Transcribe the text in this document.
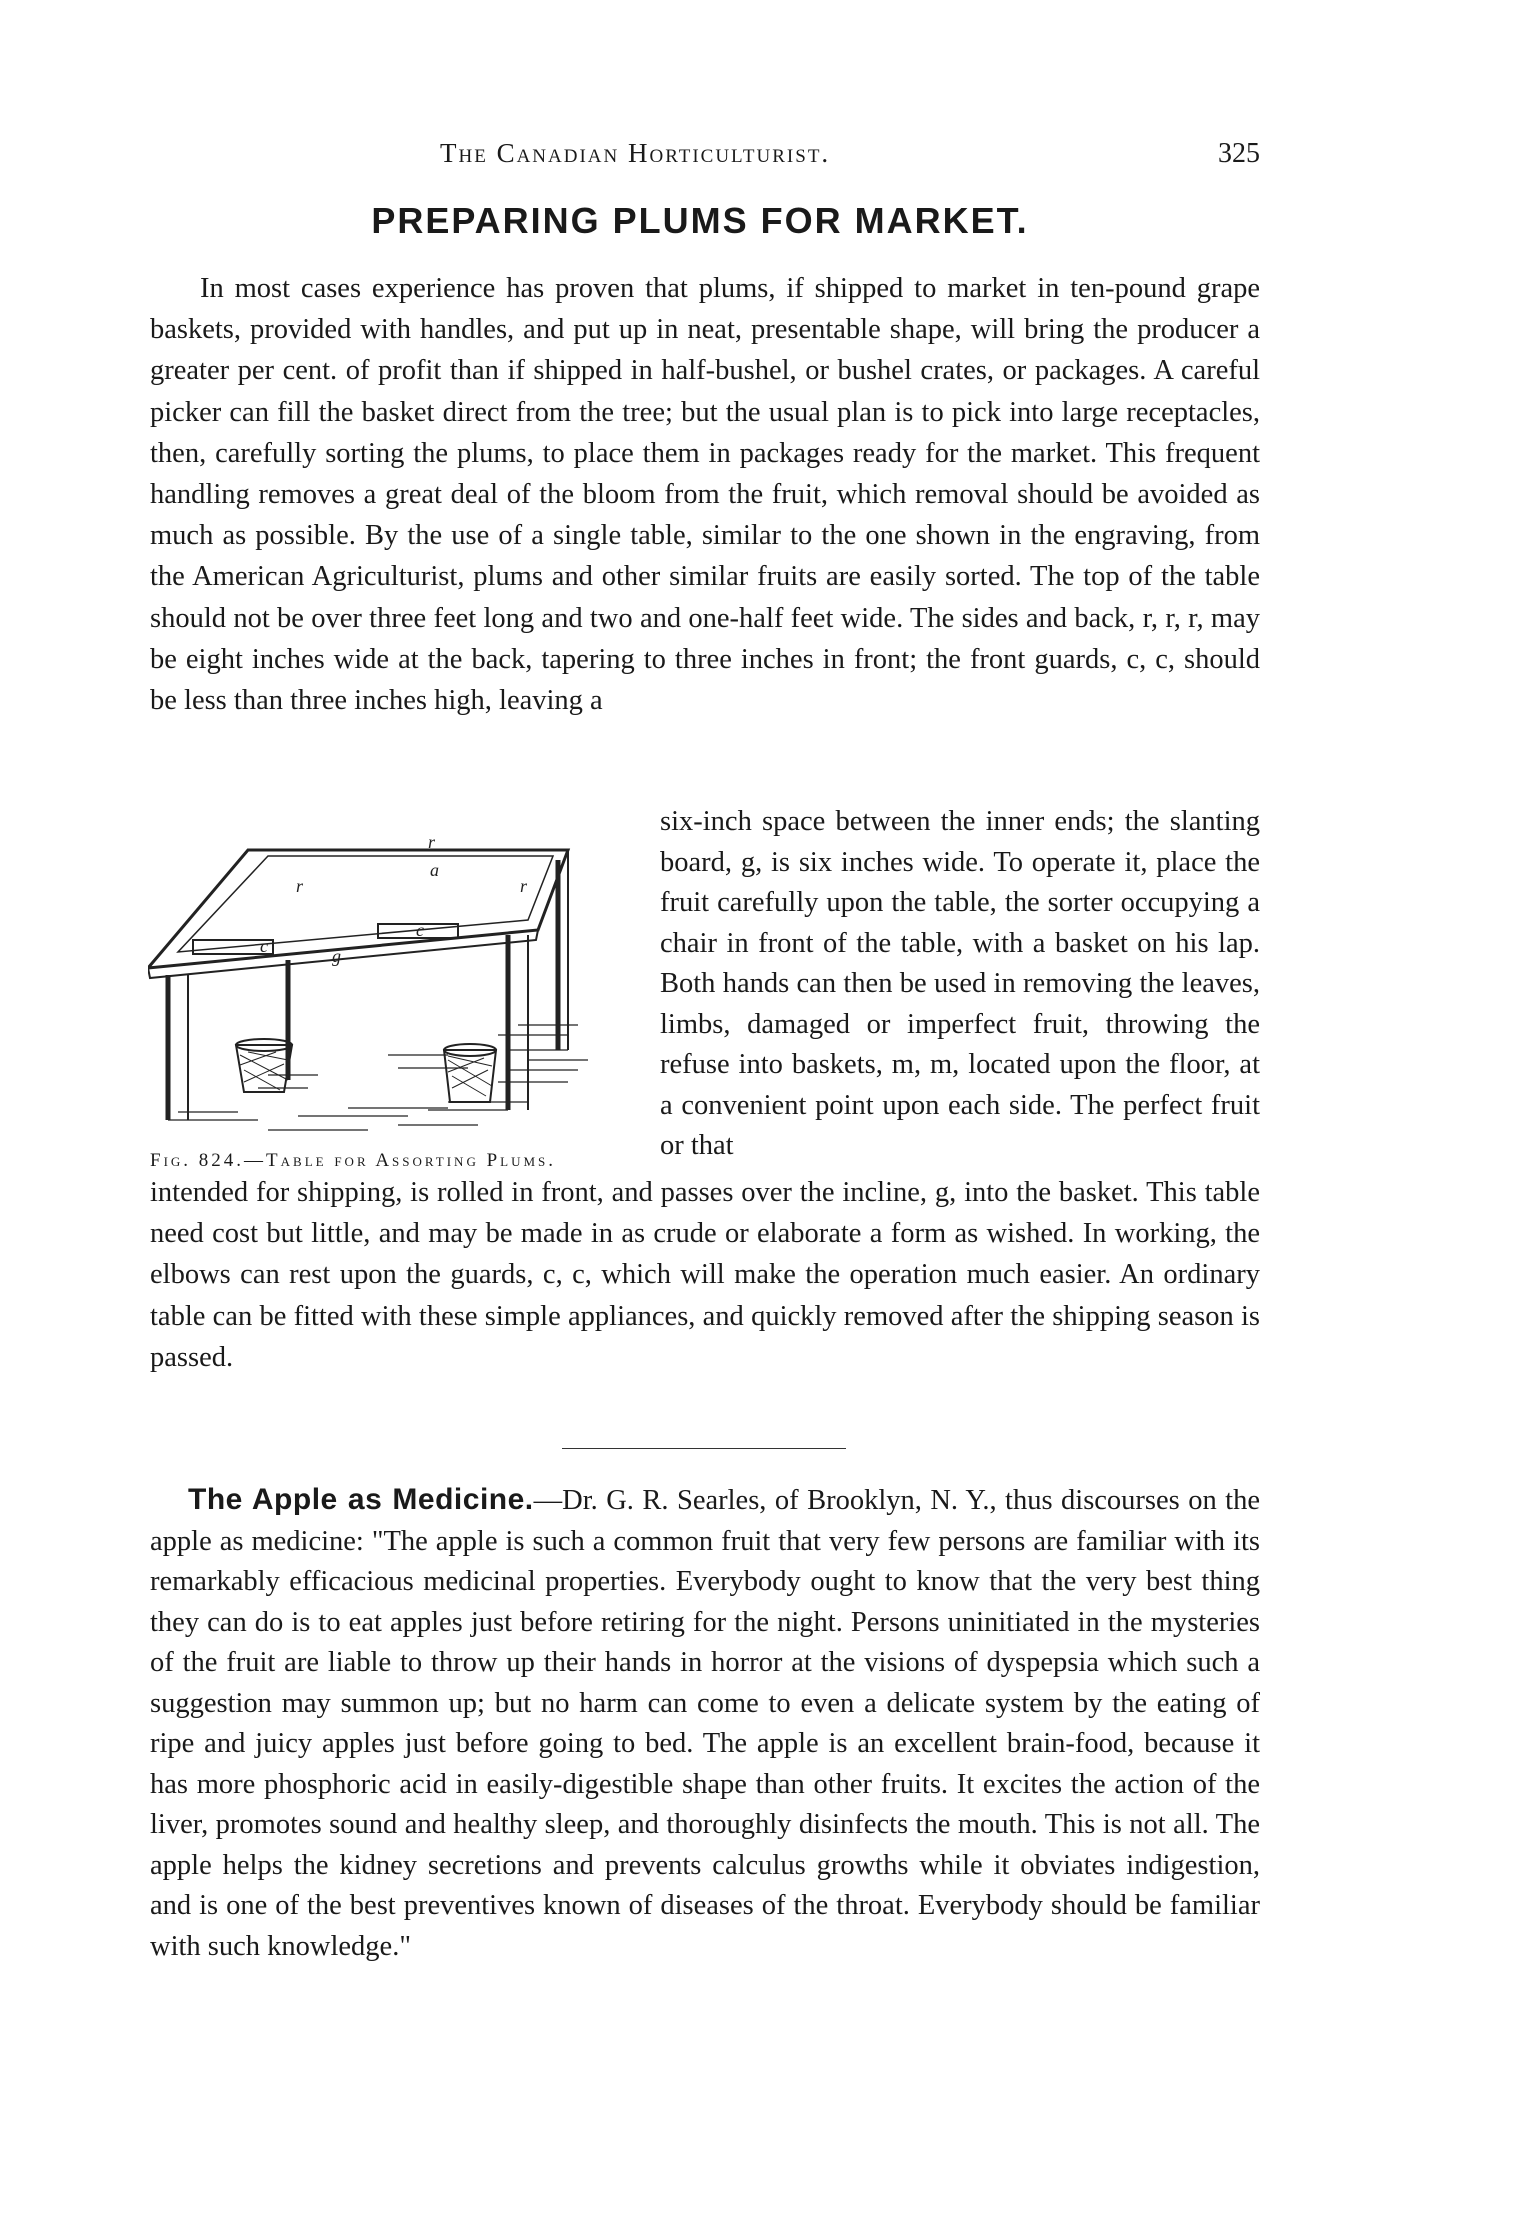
The Canadian Horticulturist.	325
PREPARING PLUMS FOR MARKET.

In most cases experience has proven that plums, if shipped to market in ten-pound grape baskets, provided with handles, and put up in neat, presentable shape, will bring the producer a greater per cent. of profit than if shipped in half-bushel, or bushel crates, or packages. A careful picker can fill the basket direct from the tree; but the usual plan is to pick into large receptacles, then, carefully sorting the plums, to place them in packages ready for the market. This frequent handling removes a great deal of the bloom from the fruit, which removal should be avoided as much as possible. By the use of a single table, similar to the one shown in the engraving, from the American Agriculturist, plums and other similar fruits are easily sorted. The top of the table should not be over three feet long and two and one-half feet wide. The sides and back, r, r, r, may be eight inches wide at the back, tapering to three inches in front; the front guards, c, c, should be less than three inches high, leaving a

r
a
r	r
c
c
g
Fig. 824.—Table for Assorting Plums.

six-inch space between the inner ends; the slanting board, g, is six inches wide. To operate it, place the fruit carefully upon the table, the sorter occupying a chair in front of the table, with a basket on his lap. Both hands can then be used in removing the leaves, limbs, damaged or imperfect fruit, throwing the refuse into baskets, m, m, located upon the floor, at a convenient point upon each side. The perfect fruit or that

intended for shipping, is rolled in front, and passes over the incline, g, into the basket. This table need cost but little, and may be made in as crude or elaborate a form as wished. In working, the elbows can rest upon the guards, c, c, which will make the operation much easier. An ordinary table can be fitted with these simple appliances, and quickly removed after the shipping season is passed.

The Apple as Medicine.—Dr. G. R. Searles, of Brooklyn, N. Y., thus discourses on the apple as medicine: "The apple is such a common fruit that very few persons are familiar with its remarkably efficacious medicinal properties. Everybody ought to know that the very best thing they can do is to eat apples just before retiring for the night. Persons uninitiated in the mysteries of the fruit are liable to throw up their hands in horror at the visions of dyspepsia which such a suggestion may summon up; but no harm can come to even a delicate system by the eating of ripe and juicy apples just before going to bed. The apple is an excellent brain-food, because it has more phosphoric acid in easily-digestible shape than other fruits. It excites the action of the liver, promotes sound and healthy sleep, and thoroughly disinfects the mouth. This is not all. The apple helps the kidney secretions and prevents calculus growths while it obviates indigestion, and is one of the best preventives known of diseases of the throat. Everybody should be familiar with such knowledge."
